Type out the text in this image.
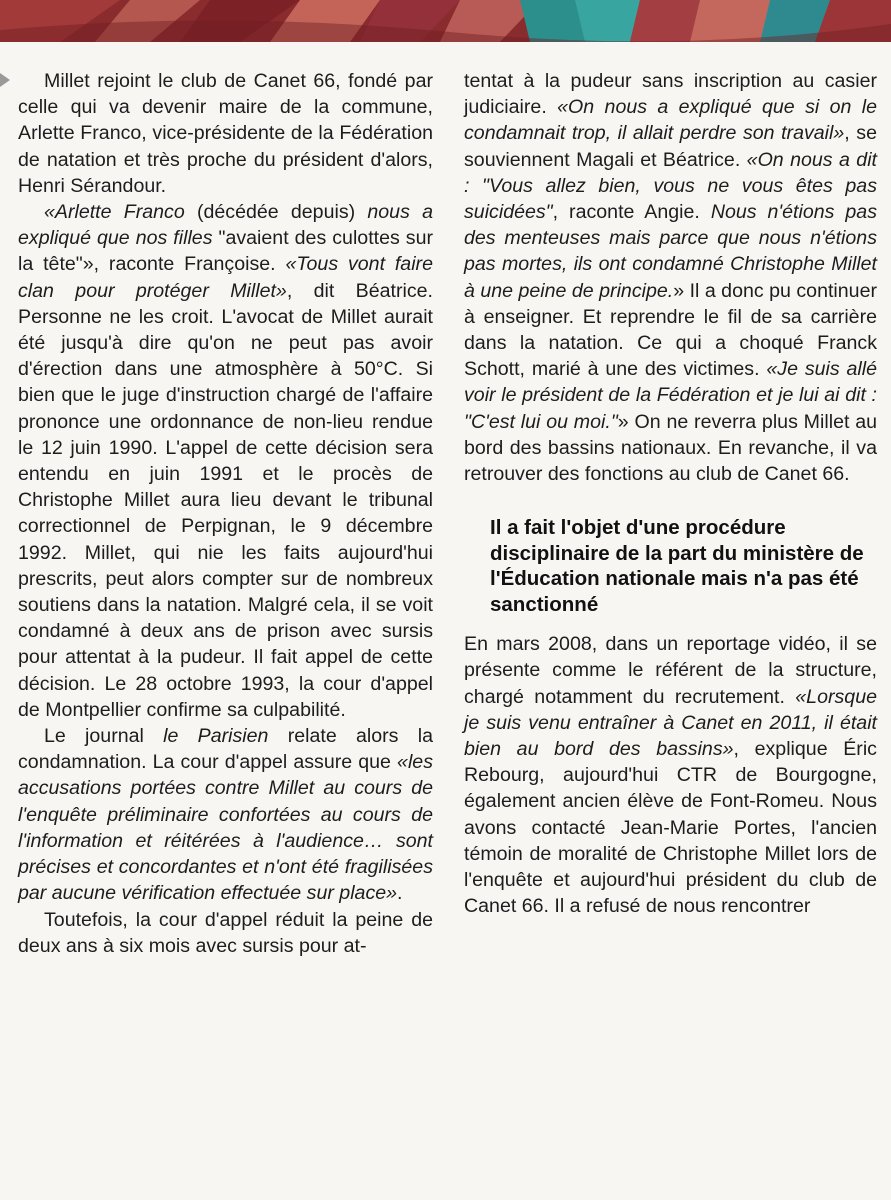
Millet rejoint le club de Canet 66, fondé par celle qui va devenir maire de la commune, Arlette Franco, vice-présidente de la Fédération de natation et très proche du président d'alors, Henri Sérandour.

«Arlette Franco (décédée depuis) nous a expliqué que nos filles "avaient des culottes sur la tête"», raconte Françoise. «Tous vont faire clan pour protéger Millet», dit Béatrice. Personne ne les croit. L'avocat de Millet aurait été jusqu'à dire qu'on ne peut pas avoir d'érection dans une atmosphère à 50°C. Si bien que le juge d'instruction chargé de l'affaire prononce une ordonnance de non-lieu rendue le 12 juin 1990. L'appel de cette décision sera entendu en juin 1991 et le procès de Christophe Millet aura lieu devant le tribunal correctionnel de Perpignan, le 9 décembre 1992. Millet, qui nie les faits aujourd'hui prescrits, peut alors compter sur de nombreux soutiens dans la natation. Malgré cela, il se voit condamné à deux ans de prison avec sursis pour attentat à la pudeur. Il fait appel de cette décision. Le 28 octobre 1993, la cour d'appel de Montpellier confirme sa culpabilité.

Le journal le Parisien relate alors la condamnation. La cour d'appel assure que «les accusations portées contre Millet au cours de l'enquête préliminaire confortées au cours de l'information et réitérées à l'audience… sont précises et concordantes et n'ont été fragilisées par aucune vérification effectuée sur place».

Toutefois, la cour d'appel réduit la peine de deux ans à six mois avec sursis pour at-

tentat à la pudeur sans inscription au casier judiciaire. «On nous a expliqué que si on le condamnait trop, il allait perdre son travail», se souviennent Magali et Béatrice. «On nous a dit : "Vous allez bien, vous ne vous êtes pas suicidées", raconte Angie. Nous n'étions pas des menteuses mais parce que nous n'étions pas mortes, ils ont condamné Christophe Millet à une peine de principe.» Il a donc pu continuer à enseigner. Et reprendre le fil de sa carrière dans la natation. Ce qui a choqué Franck Schott, marié à une des victimes. «Je suis allé voir le président de la Fédération et je lui ai dit : "C'est lui ou moi."» On ne reverra plus Millet au bord des bassins nationaux. En revanche, il va retrouver des fonctions au club de Canet 66.

Il a fait l'objet d'une procédure disciplinaire de la part du ministère de l'Éducation nationale mais n'a pas été sanctionné

En mars 2008, dans un reportage vidéo, il se présente comme le référent de la structure, chargé notamment du recrutement. «Lorsque je suis venu entraîner à Canet en 2011, il était bien au bord des bassins», explique Éric Rebourg, aujourd'hui CTR de Bourgogne, également ancien élève de Font-Romeu. Nous avons contacté Jean-Marie Portes, l'ancien témoin de moralité de Christophe Millet lors de l'enquête et aujourd'hui président du club de Canet 66. Il a refusé de nous rencontrer
